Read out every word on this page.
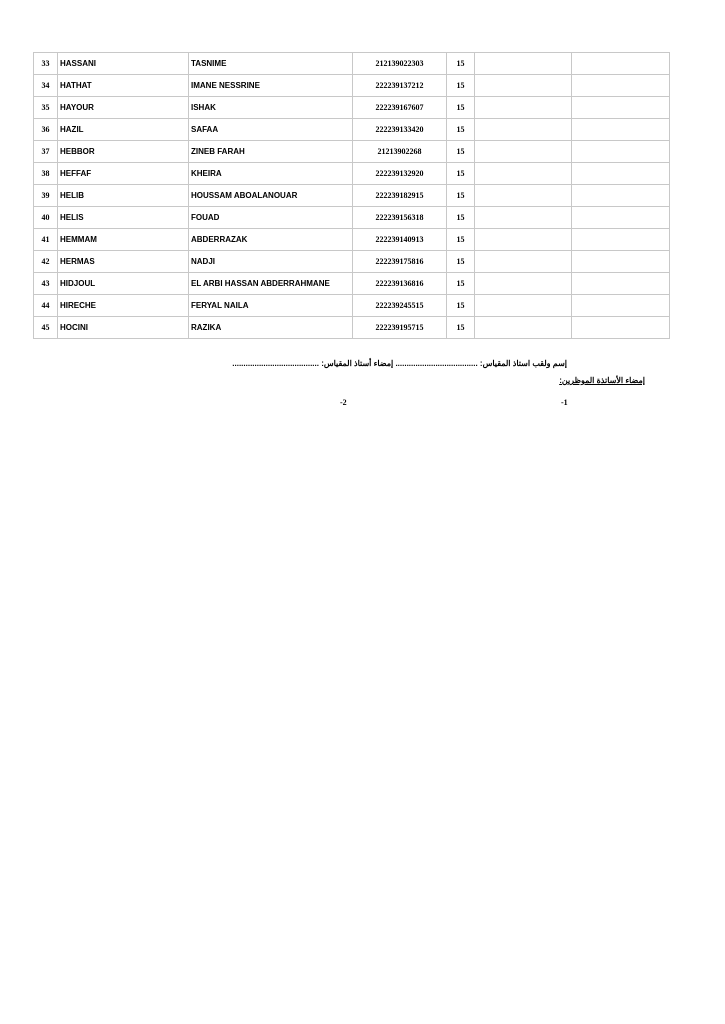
33	HASSANI	TASNIME	212139022303	15		
34	HATHAT	IMANE NESSRINE	222239137212	15		
35	HAYOUR	ISHAK	222239167607	15		
36	HAZIL	SAFAA	222239133420	15		
37	HEBBOR	ZINEB FARAH	21213902268	15		
38	HEFFAF	KHEIRA	222239132920	15		
39	HELIB	HOUSSAM ABOALANOUAR	222239182915	15		
40	HELIS	FOUAD	222239156318	15		
41	HEMMAM	ABDERRAZAK	222239140913	15		
42	HERMAS	NADJI	222239175816	15		
43	HIDJOUL	EL ARBI HASSAN ABDERRAHMANE	222239136816	15		
44	HIRECHE	FERYAL NAILA	222239245515	15		
45	HOCINI	RAZIKA	222239195715	15		
إسم ولقب استاذ المقياس: ..................................... إمضاء أستاذ المقياس: .......................................
إمضاء الأساتذة الموظرين:
-2	-1
